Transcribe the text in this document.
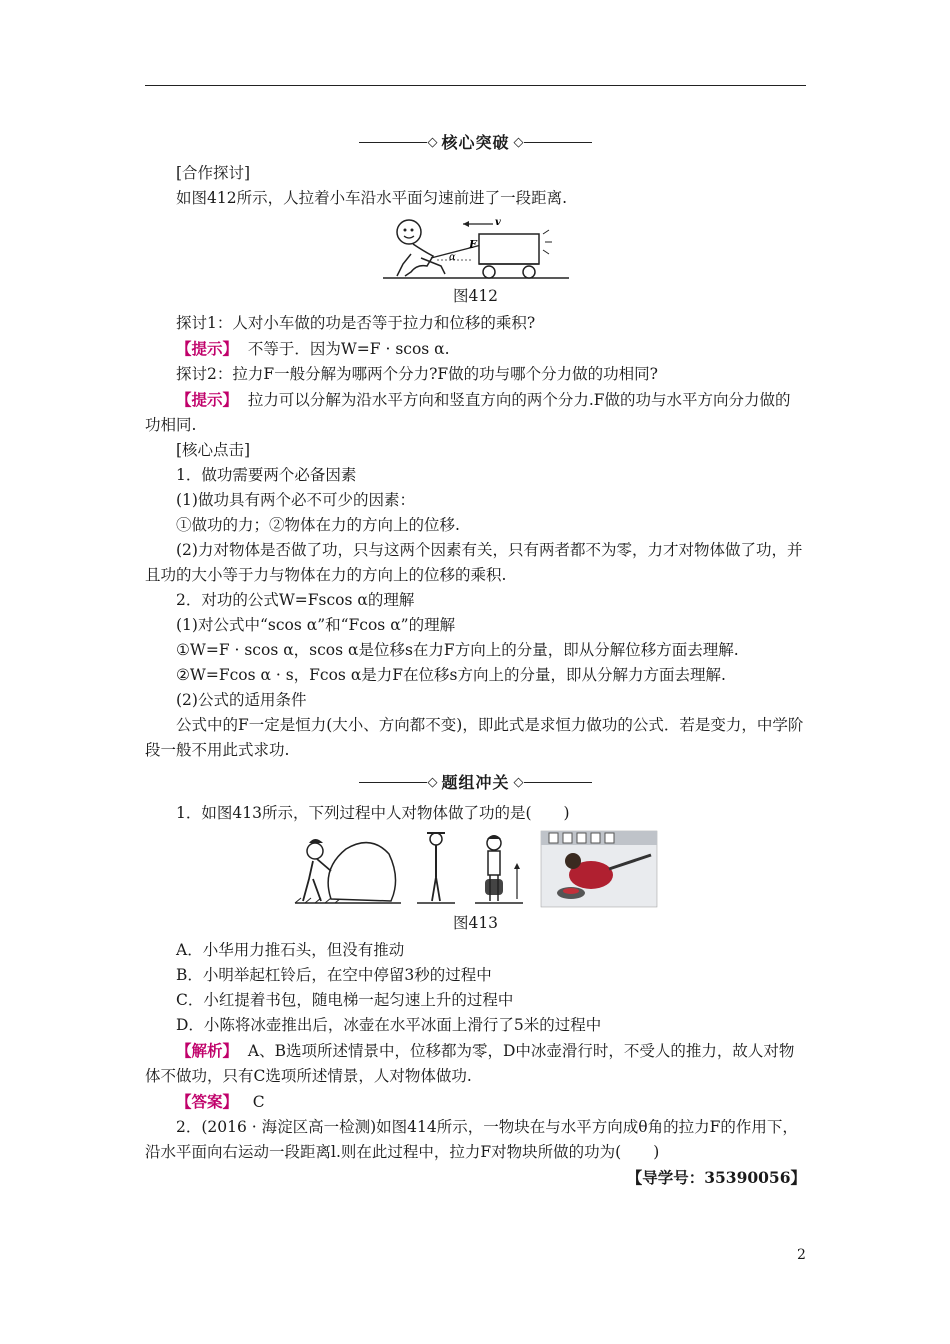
◇ 核心突破 ◇

[合作探讨]

如图412所示，人拉着小车沿水平面匀速前进了一段距离.

α
F
v
图412

探讨1：人对小车做的功是否等于拉力和位移的乘积?

【提示】 不等于．因为W=F · scos α.

探讨2：拉力F一般分解为哪两个分力?F做的功与哪个分力做的功相同?

【提示】 拉力可以分解为沿水平方向和竖直方向的两个分力.F做的功与水平方向分力做的功相同.

[核心点击]

1．做功需要两个必备因素

(1)做功具有两个必不可少的因素：

①做功的力；②物体在力的方向上的位移.

(2)力对物体是否做了功，只与这两个因素有关，只有两者都不为零，力才对物体做了功，并且功的大小等于力与物体在力的方向上的位移的乘积.

2．对功的公式W=Fscos α的理解

(1)对公式中“scos α”和“Fcos α”的理解

①W=F · scos α，scos α是位移s在力F方向上的分量，即从分解位移方面去理解.

②W=Fcos α · s，Fcos α是力F在位移s方向上的分量，即从分解力方面去理解.

(2)公式的适用条件

公式中的F一定是恒力(大小、方向都不变)，即此式是求恒力做功的公式．若是变力，中学阶段一般不用此式求功.

◇ 题组冲关 ◇

1．如图413所示，下列过程中人对物体做了功的是( )

图413

A．小华用力推石头，但没有推动

B．小明举起杠铃后，在空中停留3秒的过程中

C．小红提着书包，随电梯一起匀速上升的过程中

D．小陈将冰壶推出后，冰壶在水平冰面上滑行了5米的过程中

【解析】 A、B选项所述情景中，位移都为零，D中冰壶滑行时，不受人的推力，故人对物体不做功，只有C选项所述情景，人对物体做功.

【答案】 C

2．(2016 · 海淀区高一检测)如图414所示，一物块在与水平方向成θ角的拉力F的作用下，沿水平面向右运动一段距离l.则在此过程中，拉力F对物块所做的功为( )

【导学号：35390056】

2
